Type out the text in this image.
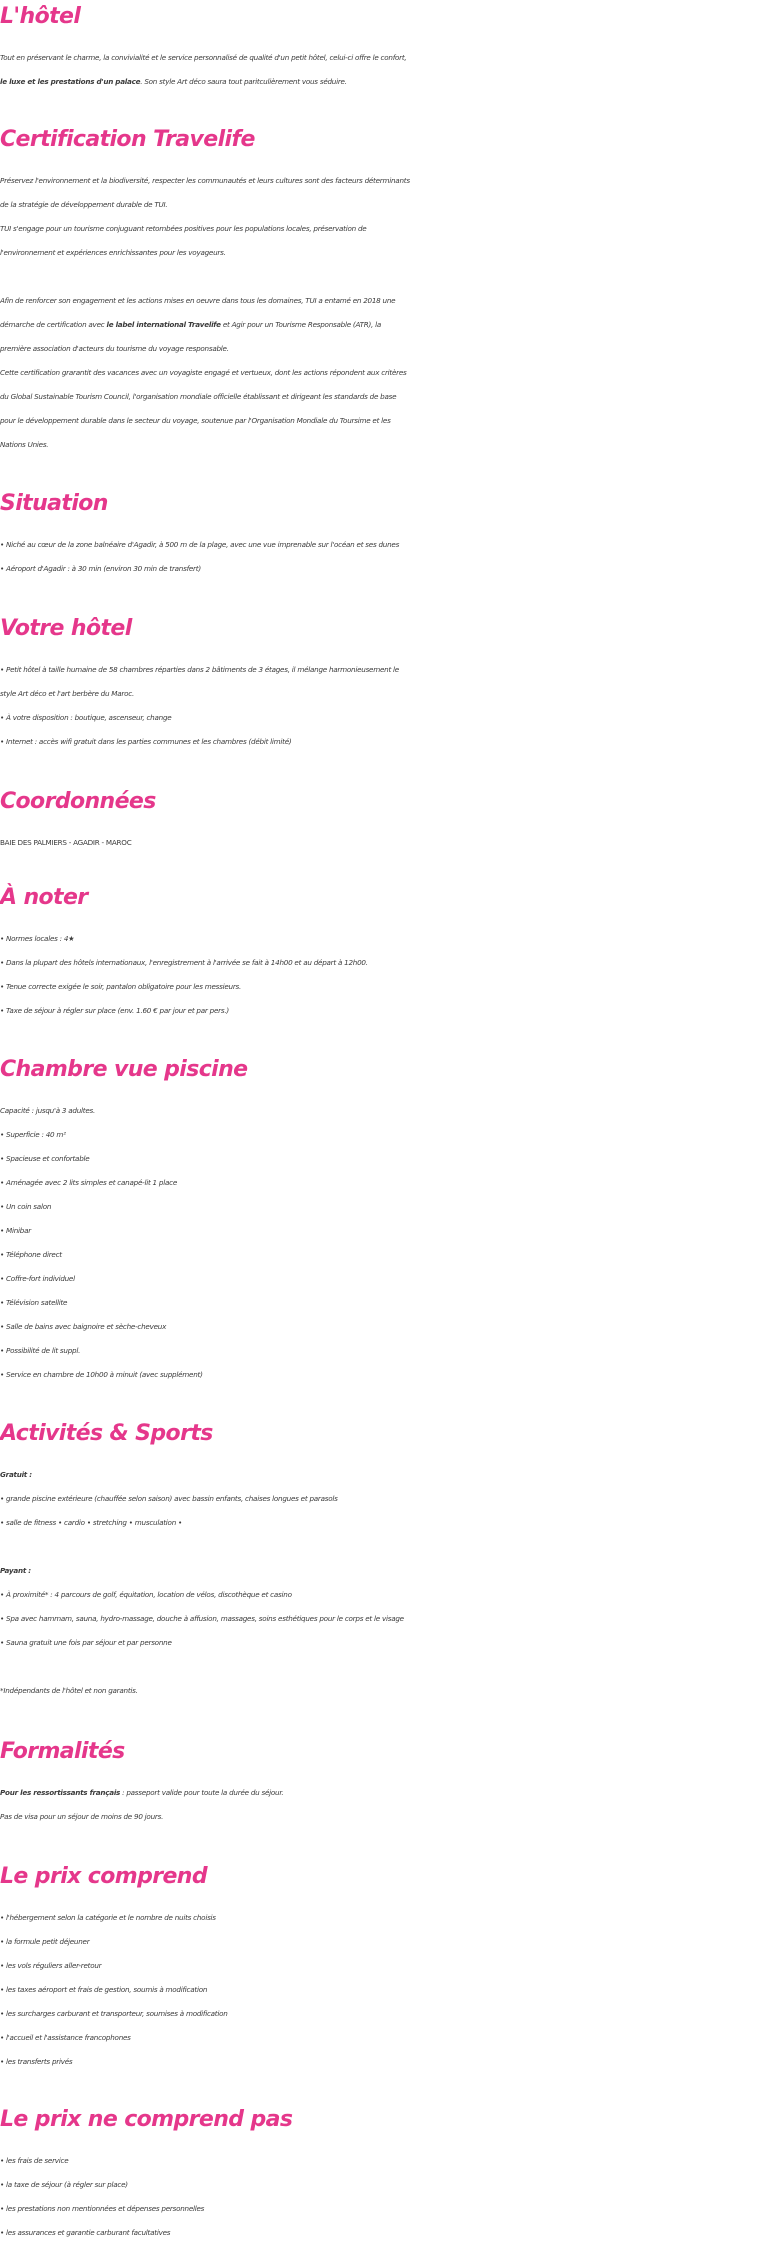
L'hôtel
Tout en préservant le charme, la convivialité et le service personnalisé de qualité d'un petit hôtel, celui-ci offre le confort,
le luxe et les prestations d'un palace. Son style Art déco saura tout paritculièrement vous séduire.
Certification Travelife
Préservez l'environnement et la biodiversité, respecter les communautés et leurs cultures sont des facteurs déterminants
de la stratégie de développement durable de TUI.
TUI s'engage pour un tourisme conjuguant retombées positives pour les populations locales, préservation de
l'environnement et expériences enrichissantes pour les voyageurs.
Afin de renforcer son engagement et les actions mises en oeuvre dans tous les domaines, TUI a entamé en 2018 une
démarche de certification avec le label international Travelife et Agir pour un Tourisme Responsable (ATR), la
première association d'acteurs du tourisme du voyage responsable.
Cette certification grarantit des vacances avec un voyagiste engagé et vertueux, dont les actions répondent aux critères
du Global Sustainable Tourism Council, l'organisation mondiale officielle établissant et dirigeant les standards de base
pour le développement durable dans le secteur du voyage, soutenue par l'Organisation Mondiale du Toursime et les
Nations Unies.
Situation
• Niché au cœur de la zone balnéaire d'Agadir, à 500 m de la plage, avec une vue imprenable sur l'océan et ses dunes
• Aéroport d'Agadir : à 30 min (environ 30 min de transfert)
Votre hôtel
• Petit hôtel à taille humaine de 58 chambres réparties dans 2 bâtiments de 3 étages, il mélange harmonieusement le
style Art déco et l'art berbère du Maroc.
• À votre disposition : boutique, ascenseur, change
• Internet : accès wifi gratuit dans les parties communes et les chambres (débit limité)
Coordonnées
BAIE DES PALMIERS - AGADIR - MAROC
À noter
• Normes locales : 4★
• Dans la plupart des hôtels internationaux, l'enregistrement à l'arrivée se fait à 14h00 et au départ à 12h00.
• Tenue correcte exigée le soir, pantalon obligatoire pour les messieurs.
• Taxe de séjour à régler sur place (env. 1.60 € par jour et par pers.)
Chambre vue piscine
Capacité : jusqu'à 3 adultes.
• Superficie : 40 m²
• Spacieuse et confortable
• Aménagée avec 2 lits simples et canapé-lit 1 place
• Un coin salon
• Minibar
• Téléphone direct
• Coffre-fort individuel
• Télévision satellite
• Salle de bains avec baignoire et sèche-cheveux
• Possibilité de lit suppl.
• Service en chambre de 10h00 à minuit (avec supplément)
Activités & Sports
Gratuit :
• grande piscine extérieure (chauffée selon saison) avec bassin enfants, chaises longues et parasols
• salle de fitness • cardio • stretching • musculation •
Payant :
• À proximité* : 4 parcours de golf, équitation, location de vélos, discothèque et casino
• Spa avec hammam, sauna, hydro-massage, douche à affusion, massages, soins esthétiques pour le corps et le visage
• Sauna gratuit une fois par séjour et par personne
*Indépendants de l'hôtel et non garantis.
Formalités
Pour les ressortissants français : passeport valide pour toute la durée du séjour.
Pas de visa pour un séjour de moins de 90 jours.
Le prix comprend
• l'hébergement selon la catégorie et le nombre de nuits choisis
• la formule petit déjeuner
• les vols réguliers aller-retour
• les taxes aéroport et frais de gestion, soumis à modification
• les surcharges carburant et transporteur, soumises à modification
• l'accueil et l'assistance francophones
• les transferts privés
Le prix ne comprend pas
• les frais de service
• la taxe de séjour (à régler sur place)
• les prestations non mentionnées et dépenses personnelles
• les assurances et garantie carburant facultatives
